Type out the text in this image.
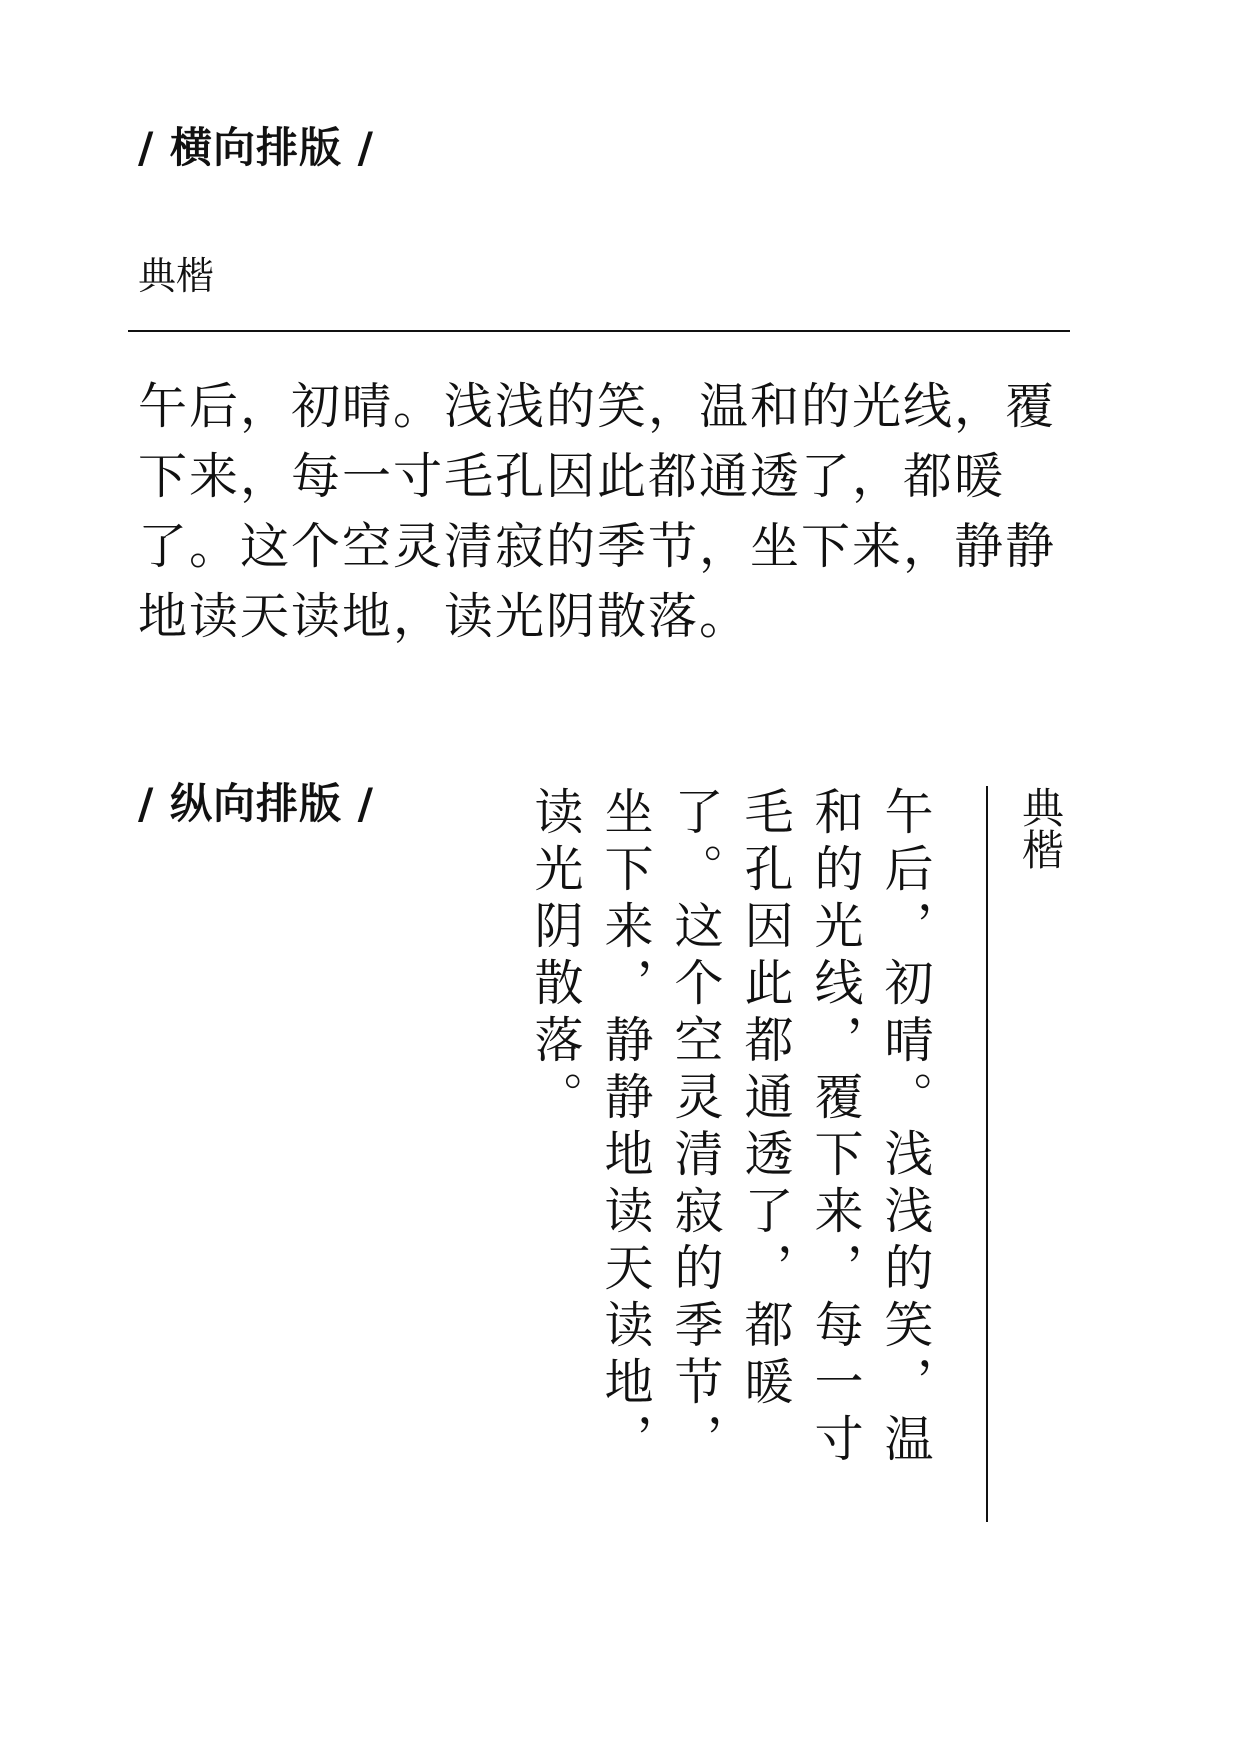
/ 横向排版 /

典楷

午后，初晴。浅浅的笑，温和的光线，覆下来，每一寸毛孔因此都通透了，都暖了。这个空灵清寂的季节，坐下来，静静地读天读地，读光阴散落。

/ 纵向排版 /	典楷

午后，初晴。浅浅的笑，温和的光线，覆下来，每一寸毛孔因此都通透了，都暖了。这个空灵清寂的季节，坐下来，静静地读天读地，读光阴散落。
